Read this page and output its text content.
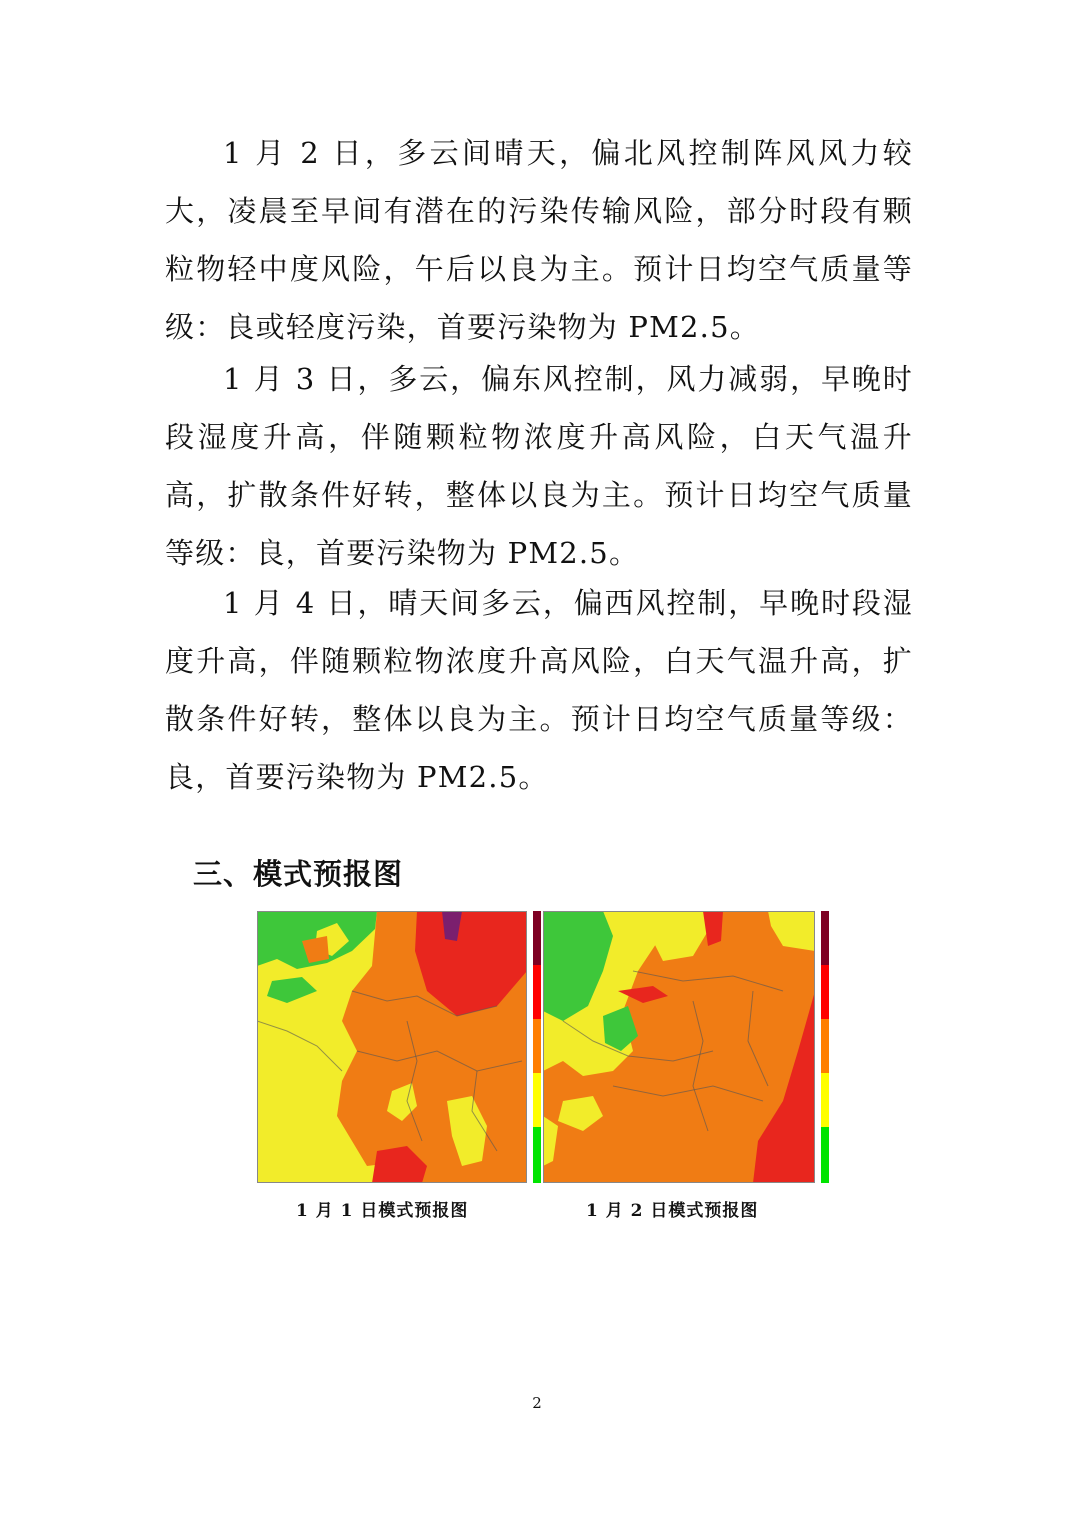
1 月 2 日，多云间晴天，偏北风控制阵风风力较大，凌晨至早间有潜在的污染传输风险，部分时段有颗粒物轻中度风险，午后以良为主。预计日均空气质量等级：良或轻度污染，首要污染物为 PM2.5。

1 月 3 日，多云，偏东风控制，风力减弱，早晚时段湿度升高，伴随颗粒物浓度升高风险，白天气温升高，扩散条件好转，整体以良为主。预计日均空气质量等级：良，首要污染物为 PM2.5。

1 月 4 日，晴天间多云，偏西风控制，早晚时段湿度升高，伴随颗粒物浓度升高风险，白天气温升高，扩散条件好转，整体以良为主。预计日均空气质量等级：良，首要污染物为 PM2.5。

三、模式预报图

1 月 1 日模式预报图	1 月 2 日模式预报图

2
